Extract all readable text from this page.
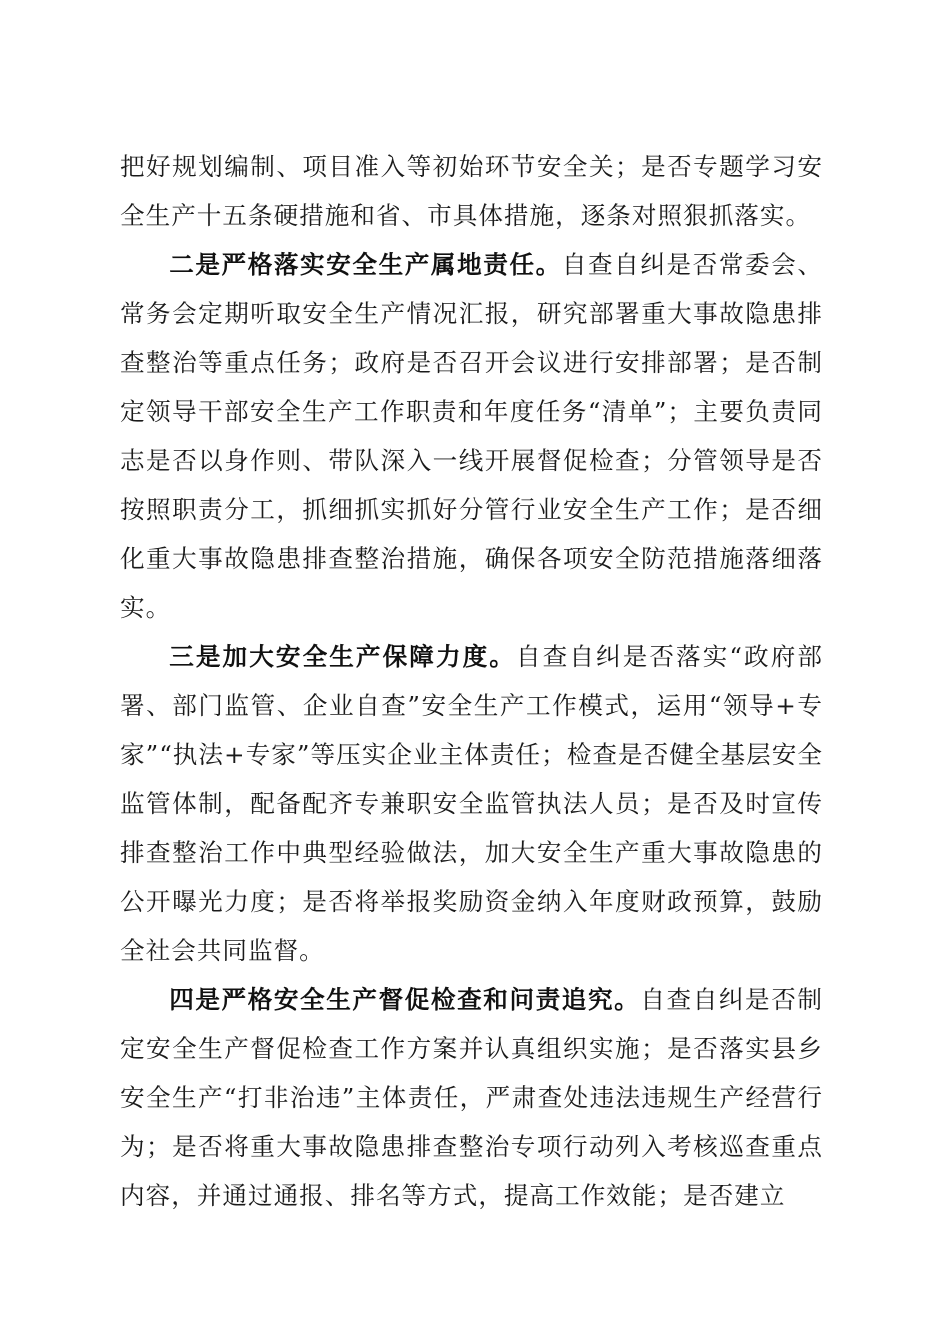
把好规划编制、项目准入等初始环节安全关；是否专题学习安全生产十五条硬措施和省、市具体措施，逐条对照狠抓落实。

二是严格落实安全生产属地责任。自查自纠是否常委会、常务会定期听取安全生产情况汇报，研究部署重大事故隐患排查整治等重点任务；政府是否召开会议进行安排部署；是否制定领导干部安全生产工作职责和年度任务“清单”；主要负责同志是否以身作则、带队深入一线开展督促检查；分管领导是否按照职责分工，抓细抓实抓好分管行业安全生产工作；是否细化重大事故隐患排查整治措施，确保各项安全防范措施落细落实。

三是加大安全生产保障力度。自查自纠是否落实“政府部署、部门监管、企业自查”安全生产工作模式，运用“领导+专家”“执法+专家”等压实企业主体责任；检查是否健全基层安全监管体制，配备配齐专兼职安全监管执法人员；是否及时宣传排查整治工作中典型经验做法，加大安全生产重大事故隐患的公开曝光力度；是否将举报奖励资金纳入年度财政预算，鼓励全社会共同监督。

四是严格安全生产督促检查和问责追究。自查自纠是否制定安全生产督促检查工作方案并认真组织实施；是否落实县乡安全生产“打非治违”主体责任，严肃查处违法违规生产经营行为；是否将重大事故隐患排查整治专项行动列入考核巡查重点内容，并通过通报、排名等方式，提高工作效能；是否建立
